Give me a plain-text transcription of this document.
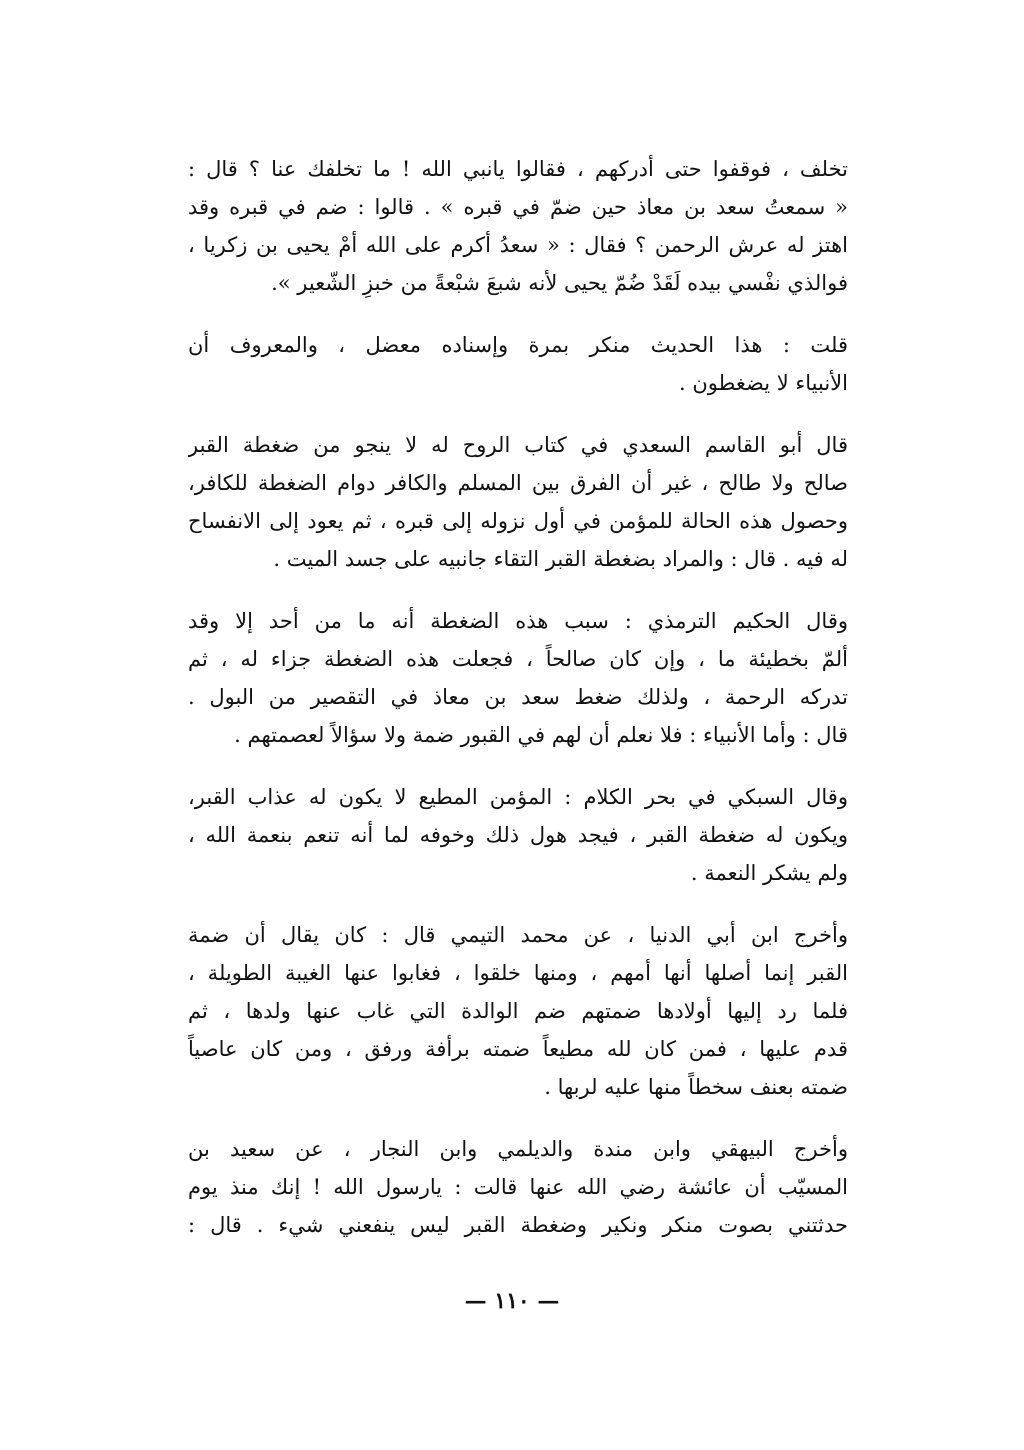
تخلف ، فوقفوا حتى أدركهم ، فقالوا يانبي الله ! ما تخلفك عنا ؟ قال :
« سمعتُ سعد بن معاذ حين ضمّ في قبره » . قالوا : ضم في قبره وقد
اهتز له عرش الرحمن ؟ فقال : « سعدُ أكرم على الله أمْ يحيى بن زكريا ،
فوالذي نفْسي بيده لَقَدْ ضُمّ يحيى لأنه شبعَ شبْعةً من خبزِ الشّعير ».

قلت : هذا الحديث منكر بمرة وإسناده معضل ، والمعروف أن
الأنبياء لا يضغطون .

قال أبو القاسم السعدي في كتاب الروح له لا ينجو من ضغطة القبر
صالح ولا طالح ، غير أن الفرق بين المسلم والكافر دوام الضغطة للكافر،
وحصول هذه الحالة للمؤمن في أول نزوله إلى قبره ، ثم يعود إلى الانفساح
له فيه . قال : والمراد بضغطة القبر التقاء جانبيه على جسد الميت .

وقال الحكيم الترمذي : سبب هذه الضغطة أنه ما من أحد إلا وقد
ألمّ بخطيئة ما ، وإن كان صالحاً ، فجعلت هذه الضغطة جزاء له ، ثم
تدركه الرحمة ، ولذلك ضغط سعد بن معاذ في التقصير من البول .
قال : وأما الأنبياء : فلا نعلم أن لهم في القبور ضمة ولا سؤالاً لعصمتهم .

وقال السبكي في بحر الكلام : المؤمن المطيع لا يكون له عذاب القبر،
ويكون له ضغطة القبر ، فيجد هول ذلك وخوفه لما أنه تنعم بنعمة الله ،
ولم يشكر النعمة .

وأخرج ابن أبي الدنيا ، عن محمد التيمي قال : كان يقال أن ضمة
القبر إنما أصلها أنها أمهم ، ومنها خلقوا ، فغابوا عنها الغيبة الطويلة ،
فلما رد إليها أولادها ضمتهم ضم الوالدة التي غاب عنها ولدها ، ثم
قدم عليها ، فمن كان لله مطيعاً ضمته برأفة ورفق ، ومن كان عاصياً
ضمته بعنف سخطاً منها عليه لربها .

وأخرج البيهقي وابن مندة والديلمي وابن النجار ، عن سعيد بن
المسيّب أن عائشة رضي الله عنها قالت : يارسول الله ! إنك منذ يوم
حدثتني بصوت منكر ونكير وضغطة القبر ليس ينفعني شيء . قال :

— ١١٠ —
